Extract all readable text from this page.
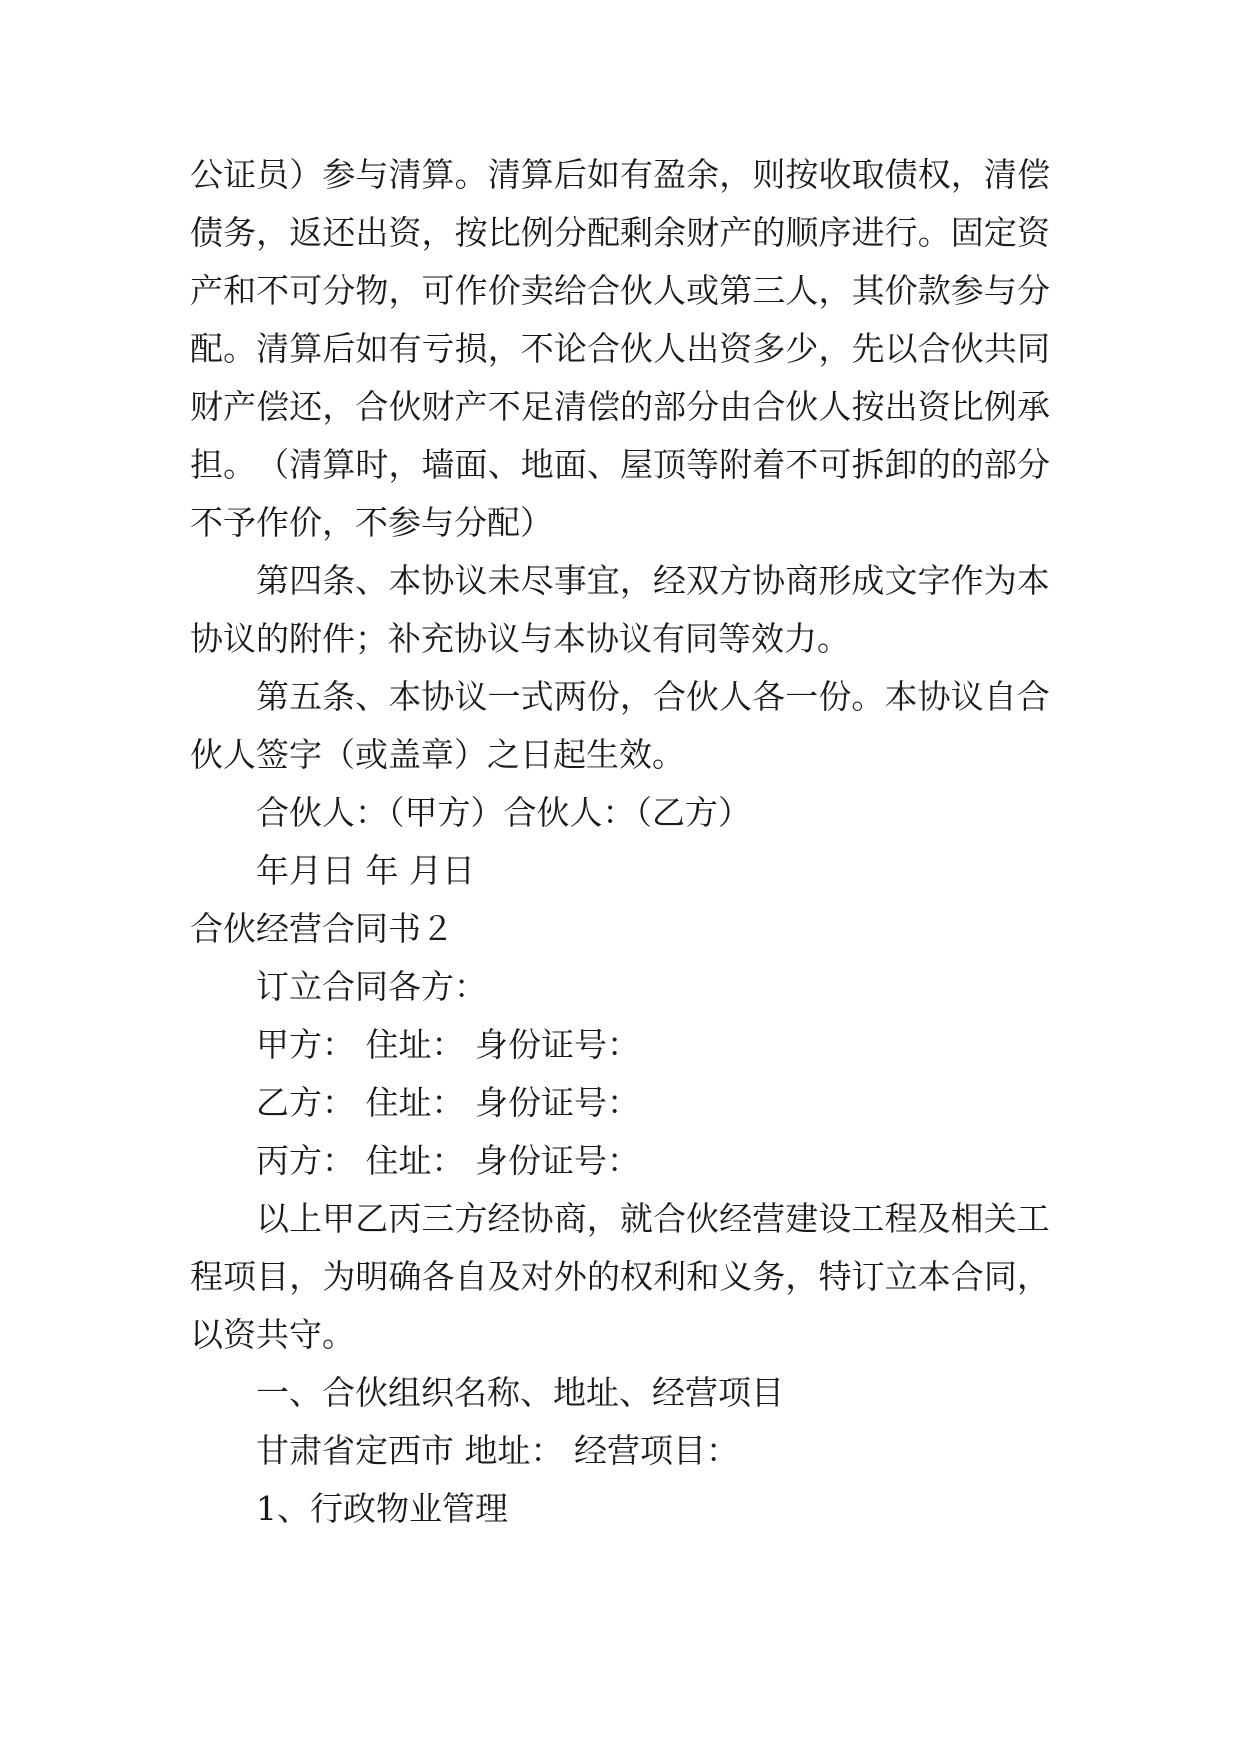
公 证 员 ） 参 与 清 算 。 清 算 后 如 有 盈 余 ， 则 按 收 取 债 权 ， 清 偿
债 务 ， 返 还 出 资 ， 按 比 例 分 配 剩 余 财 产 的 顺 序 进 行 。 固 定 资
产 和 不 可 分 物 ， 可 作 价 卖 给 合 伙 人 或 第 三 人 ， 其 价 款 参 与 分
配 。 清 算 后 如 有 亏 损 ， 不 论 合 伙 人 出 资 多 少 ， 先 以 合 伙 共 同
财 产 偿 还 ， 合 伙 财 产 不 足 清 偿 的 部 分 由 合 伙 人 按 出 资 比 例 承
担 。 （ 清 算 时 ， 墙 面 、 地 面 、 屋 顶 等 附 着 不 可 拆 卸 的 的 部 分
不予作价，不参与分配）
第 四 条 、 本 协 议 未 尽 事 宜 ， 经 双 方 协 商 形 成 文 字 作 为 本
协议的附件；补充协议与本协议有同等效力。
第 五 条 、 本 协 议 一 式 两 份 ， 合 伙 人 各 一 份 。 本 协 议 自 合
伙人签字（或盖章）之日起生效。
合伙人：（甲方）合伙人：（乙方）
年月日 年 月日
合伙经营合同书２
订立合同各方：
甲方： 住址： 身份证号：
乙方： 住址： 身份证号：
丙方： 住址： 身份证号：
以 上 甲 乙 丙 三 方 经 协 商 ， 就 合 伙 经 营 建 设 工 程 及 相 关 工
程 项 目 ， 为 明 确 各 自 及 对 外 的 权 利 和 义 务 ， 特 订 立 本 合 同 ，
以资共守。
一、合伙组织名称、地址、经营项目
甘肃省定西市 地址： 经营项目：
1、行政物业管理
